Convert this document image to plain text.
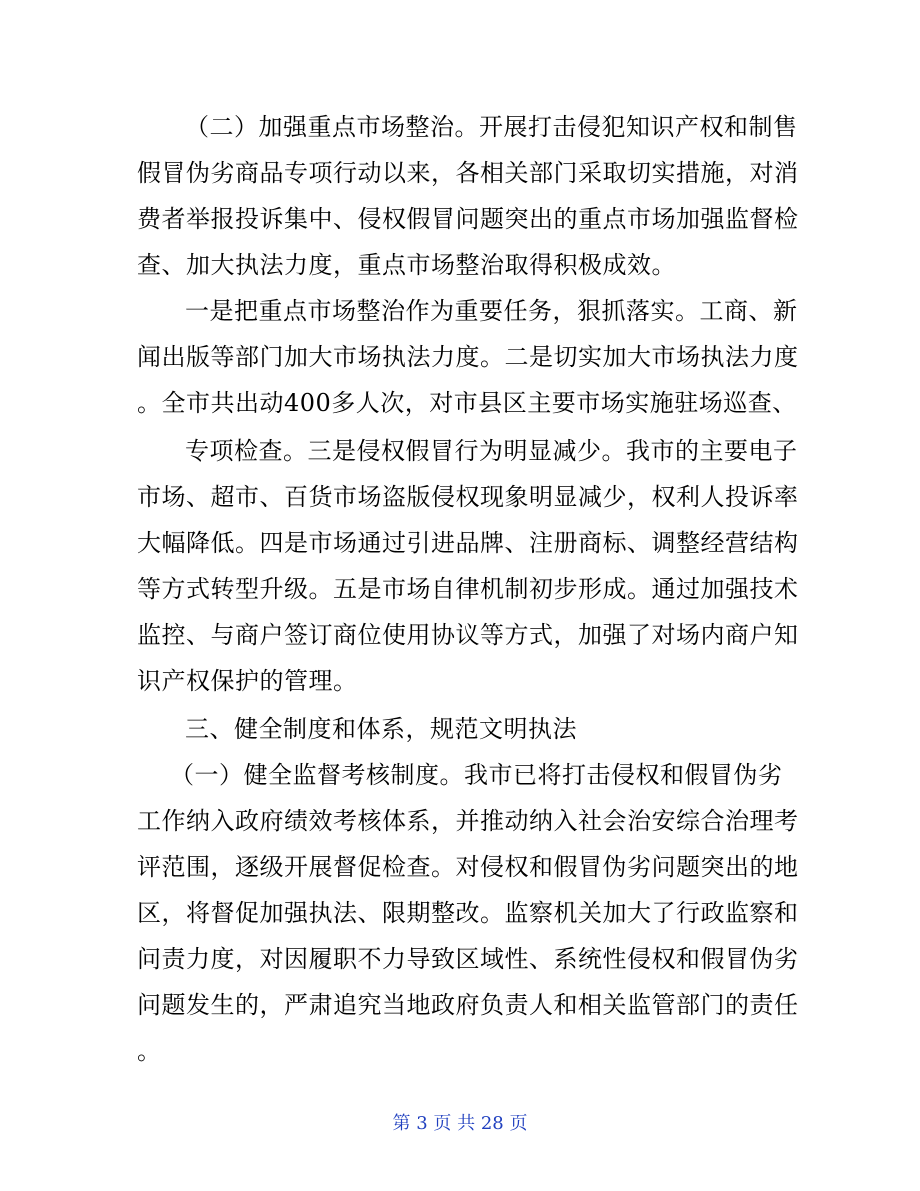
（二）加强重点市场整治。开展打击侵犯知识产权和制售
假冒伪劣商品专项行动以来，各相关部门采取切实措施，对消
费者举报投诉集中、侵权假冒问题突出的重点市场加强监督检
查、加大执法力度，重点市场整治取得积极成效。
一是把重点市场整治作为重要任务，狠抓落实。工商、新
闻出版等部门加大市场执法力度。二是切实加大市场执法力度
。全市共出动400多人次，对市县区主要市场实施驻场巡查、
专项检查。三是侵权假冒行为明显减少。我市的主要电子
市场、超市、百货市场盗版侵权现象明显减少，权利人投诉率
大幅降低。四是市场通过引进品牌、注册商标、调整经营结构
等方式转型升级。五是市场自律机制初步形成。通过加强技术
监控、与商户签订商位使用协议等方式，加强了对场内商户知
识产权保护的管理。
三、健全制度和体系，规范文明执法
（一）健全监督考核制度。我市已将打击侵权和假冒伪劣
工作纳入政府绩效考核体系，并推动纳入社会治安综合治理考
评范围，逐级开展督促检查。对侵权和假冒伪劣问题突出的地
区，将督促加强执法、限期整改。监察机关加大了行政监察和
问责力度，对因履职不力导致区域性、系统性侵权和假冒伪劣
问题发生的，严肃追究当地政府负责人和相关监管部门的责任
。
第 3 页 共 28 页
